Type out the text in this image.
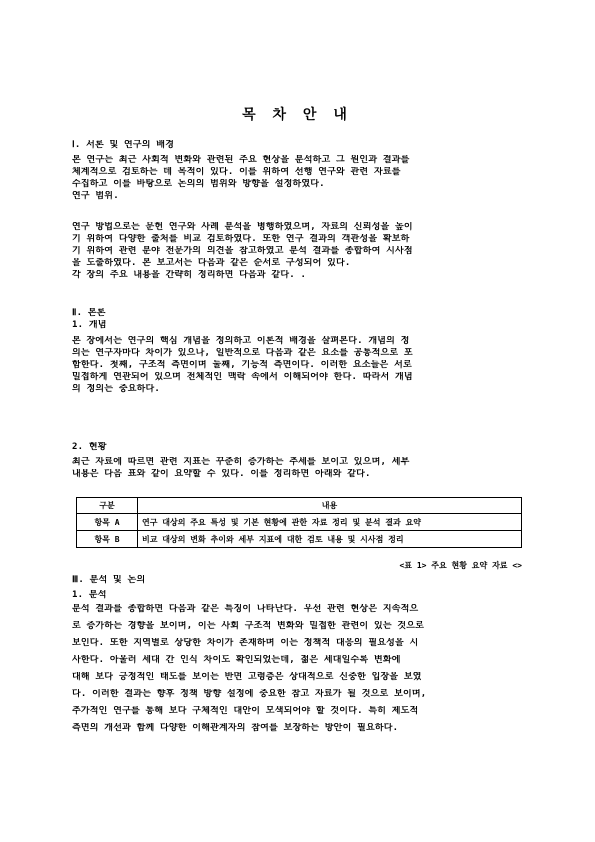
목 차 안 내
Ⅰ. 서론 및 연구의 배경
본 연구는 최근 사회적 변화와 관련된 주요 현상을 분석하고 그 원인과 결과를
체계적으로 검토하는 데 목적이 있다. 이를 위하여 선행 연구와 관련 자료를
수집하고 이를 바탕으로 논의의 범위와 방향을 설정하였다.
연구 범위.
연구 방법으로는 문헌 연구와 사례 분석을 병행하였으며, 자료의 신뢰성을 높이
기 위하여 다양한 출처를 비교 검토하였다. 또한 연구 결과의 객관성을 확보하
기 위하여 관련 분야 전문가의 의견을 참고하였고 분석 결과를 종합하여 시사점
을 도출하였다. 본 보고서는 다음과 같은 순서로 구성되어 있다.
각 장의 주요 내용을 간략히 정리하면 다음과 같다. .
Ⅱ. 본론
1. 개념
본 장에서는 연구의 핵심 개념을 정의하고 이론적 배경을 살펴본다. 개념의 정
의는 연구자마다 차이가 있으나, 일반적으로 다음과 같은 요소를 공통적으로 포
함한다. 첫째, 구조적 측면이며 둘째, 기능적 측면이다. 이러한 요소들은 서로
밀접하게 연관되어 있으며 전체적인 맥락 속에서 이해되어야 한다. 따라서 개념
의 정의는 중요하다.
2. 현황
최근 자료에 따르면 관련 지표는 꾸준히 증가하는 추세를 보이고 있으며, 세부
내용은 다음 표와 같이 요약할 수 있다. 이를 정리하면 아래와 같다.
구분	내용
항목 A	연구 대상의 주요 특성 및 기본 현황에 관한 자료 정리 및 분석 결과 요약
항목 B	비교 대상의 변화 추이와 세부 지표에 대한 검토 내용 및 시사점 정리
<표 1> 주요 현황 요약 자료 <>
Ⅲ. 분석 및 논의
1. 분석
분석 결과를 종합하면 다음과 같은 특징이 나타난다. 우선 관련 현상은 지속적으
로 증가하는 경향을 보이며, 이는 사회 구조적 변화와 밀접한 관련이 있는 것으로
보인다. 또한 지역별로 상당한 차이가 존재하며 이는 정책적 대응의 필요성을 시
사한다. 아울러 세대 간 인식 차이도 확인되었는데, 젊은 세대일수록 변화에
대해 보다 긍정적인 태도를 보이는 반면 고령층은 상대적으로 신중한 입장을 보였
다. 이러한 결과는 향후 정책 방향 설정에 중요한 참고 자료가 될 것으로 보이며,
추가적인 연구를 통해 보다 구체적인 대안이 모색되어야 할 것이다. 특히 제도적
측면의 개선과 함께 다양한 이해관계자의 참여를 보장하는 방안이 필요하다.
